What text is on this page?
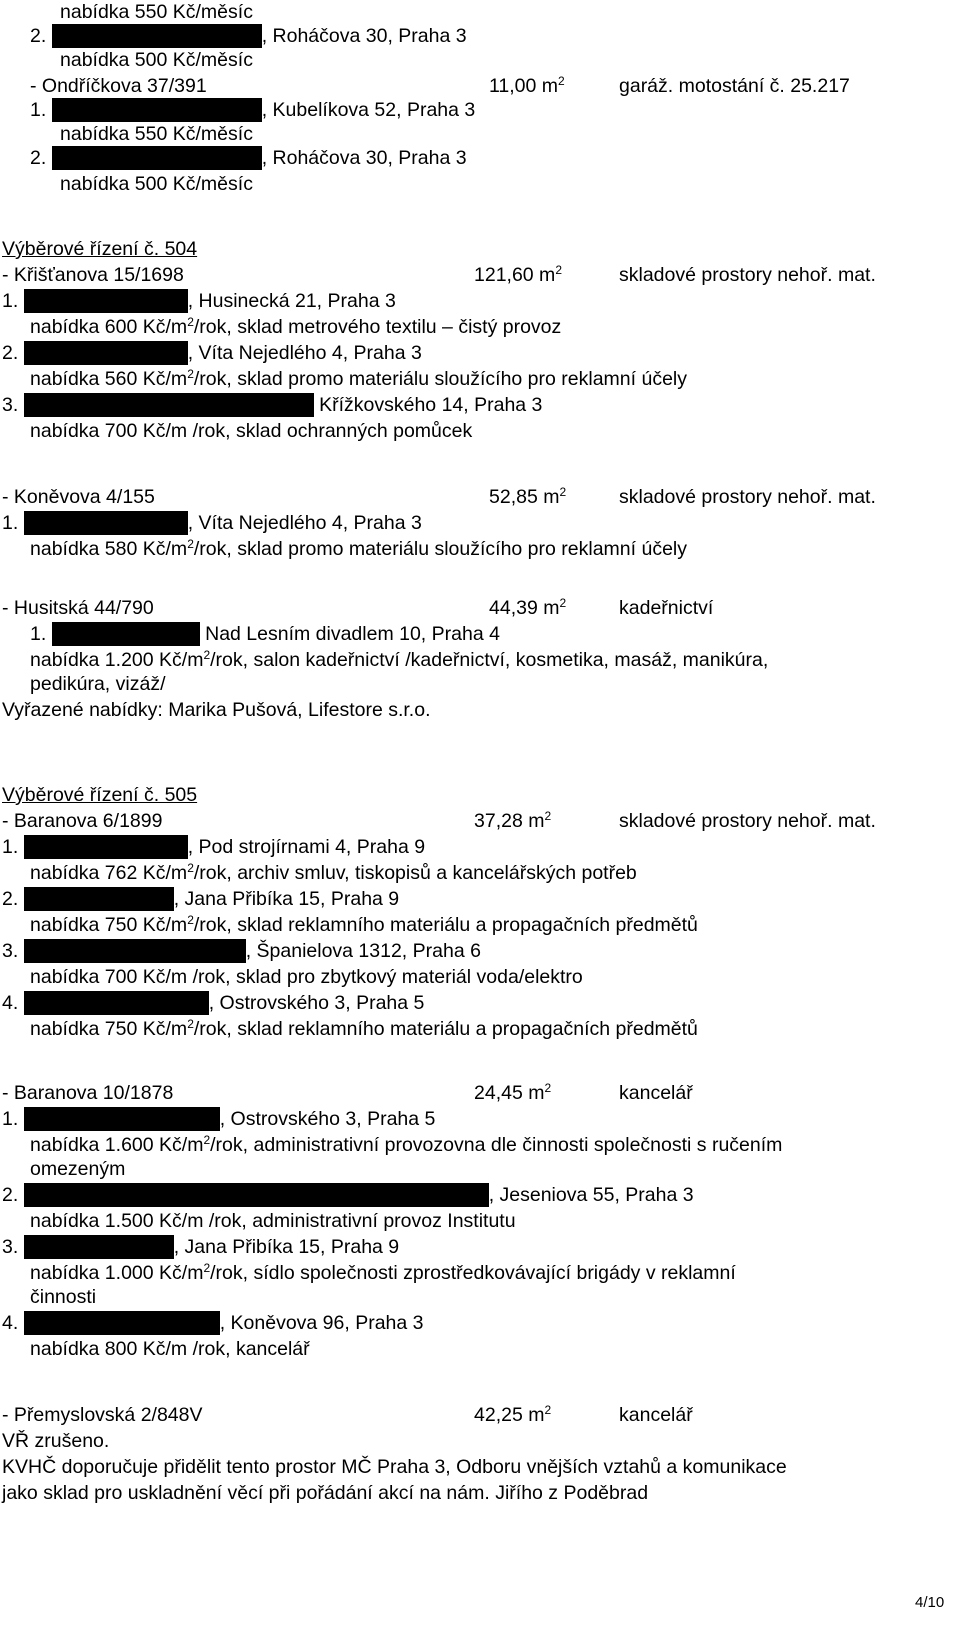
nabídka 550 Kč/měsíc
2.	, Roháčova 30, Praha 3
nabídka 500 Kč/měsíc
- Ondříčkova 37/391	11,00 $m^2$	garáž. motostání č. 25.217
1.	, Kubelíkova 52, Praha 3
nabídka 550 Kč/měsíc
2.	, Roháčova 30, Praha 3
nabídka 500 Kč/měsíc
Výběrové řízení č. 504
- Křišťanova 15/1698	121,60 $m^2$	skladové prostory nehoř. mat.
1.	, Husinecká 21, Praha 3
nabídka 600 $Kč/m^2$/rok, sklad metrového textilu – čistý provoz
2.	, Víta Nejedlého 4, Praha 3
nabídka 560 $Kč/m^2$/rok, sklad promo materiálu sloužícího pro reklamní účely
3.	Křížkovského 14, Praha 3
nabídka 700 Kč/m /rok, sklad ochranných pomůcek
- Koněvova 4/155	52,85 $m^2$	skladové prostory nehoř. mat.
1.	, Víta Nejedlého 4, Praha 3
nabídka 580 $Kč/m^2$/rok, sklad promo materiálu sloužícího pro reklamní účely
- Husitská 44/790	44,39 $m^2$	kadeřnictví
1.	Nad Lesním divadlem 10, Praha 4
nabídka 1.200 $Kč/m^2$/rok, salon kadeřnictví /kadeřnictví, kosmetika, masáž, manikúra,
pedikúra, vizáž/
Vyřazené nabídky: Marika Pušová, Lifestore s.r.o.
Výběrové řízení č. 505
- Baranova 6/1899	37,28 $m^2$	skladové prostory nehoř. mat.
1.	, Pod strojírnami 4, Praha 9
nabídka 762 $Kč/m^2$/rok, archiv smluv, tiskopisů a kancelářských potřeb
2.	, Jana Přibíka 15, Praha 9
nabídka 750 $Kč/m^2$/rok, sklad reklamního materiálu a propagačních předmětů
3.	, Španielova 1312, Praha 6
nabídka 700 Kč/m /rok, sklad pro zbytkový materiál voda/elektro
4.	, Ostrovského 3, Praha 5
nabídka 750 $Kč/m^2$/rok, sklad reklamního materiálu a propagačních předmětů
- Baranova 10/1878	24,45 $m^2$	kancelář
1.	, Ostrovského 3, Praha 5
nabídka 1.600 $Kč/m^2$/rok, administrativní provozovna dle činnosti společnosti s ručením
omezeným
2.	, Jeseniova 55, Praha 3
nabídka 1.500 Kč/m /rok, administrativní provoz Institutu
3.	, Jana Přibíka 15, Praha 9
nabídka 1.000 $Kč/m^2$/rok, sídlo společnosti zprostředkovávající brigády v reklamní
činnosti
4.	, Koněvova 96, Praha 3
nabídka 800 Kč/m /rok, kancelář
- Přemyslovská 2/848V	42,25 $m^2$	kancelář
VŘ zrušeno.
KVHČ doporučuje přidělit tento prostor MČ Praha 3, Odboru vnějších vztahů a komunikace
jako sklad pro uskladnění věcí při pořádání akcí na nám. Jiřího z Poděbrad
4/10
